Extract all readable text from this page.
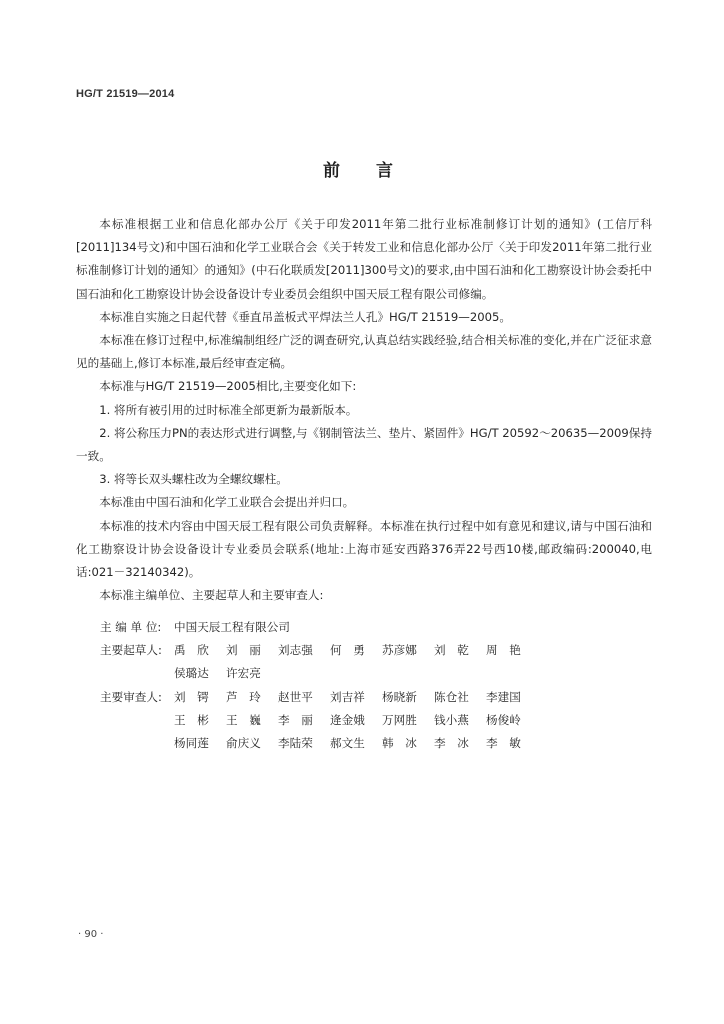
HG/T 21519—2014
前言

本标准根据工业和信息化部办公厅《关于印发2011年第二批行业标准制修订计划的通知》(工信厅科[2011]134号文)和中国石油和化学工业联合会《关于转发工业和信息化部办公厅〈关于印发2011年第二批行业标准制修订计划的通知〉的通知》(中石化联质发[2011]300号文)的要求,由中国石油和化工勘察设计协会委托中国石油和化工勘察设计协会设备设计专业委员会组织中国天辰工程有限公司修编。

本标准自实施之日起代替《垂直吊盖板式平焊法兰人孔》HG/T 21519—2005。

本标准在修订过程中,标准编制组经广泛的调查研究,认真总结实践经验,结合相关标准的变化,并在广泛征求意见的基础上,修订本标准,最后经审查定稿。

本标准与HG/T 21519—2005相比,主要变化如下:

1. 将所有被引用的过时标准全部更新为最新版本。

2. 将公称压力PN的表达形式进行调整,与《钢制管法兰、垫片、紧固件》HG/T 20592～20635—2009保持一致。

3. 将等长双头螺柱改为全螺纹螺柱。

本标准由中国石油和化学工业联合会提出并归口。

本标准的技术内容由中国天辰工程有限公司负责解释。本标准在执行过程中如有意见和建议,请与中国石油和化工勘察设计协会设备设计专业委员会联系(地址:上海市延安西路376弄22号西10楼,邮政编码:200040,电话:021－32140342)。

本标准主编单位、主要起草人和主要审查人:

主 编 单 位:	中国天辰工程有限公司
主要起草人:	禹　欣	刘　丽	刘志强	何　勇	苏彦娜	刘　乾	周　艳
侯璐达	许宏亮
主要审查人:	刘　锷	芦　玲	赵世平	刘吉祥	杨晓新	陈仓社	李建国
王　彬	王　巍	李　丽	逄金娥	万网胜	钱小燕	杨俊岭
杨同莲	俞庆义	李陆荣	郝文生	韩　冰	李　冰	李　敏
· 90 ·
